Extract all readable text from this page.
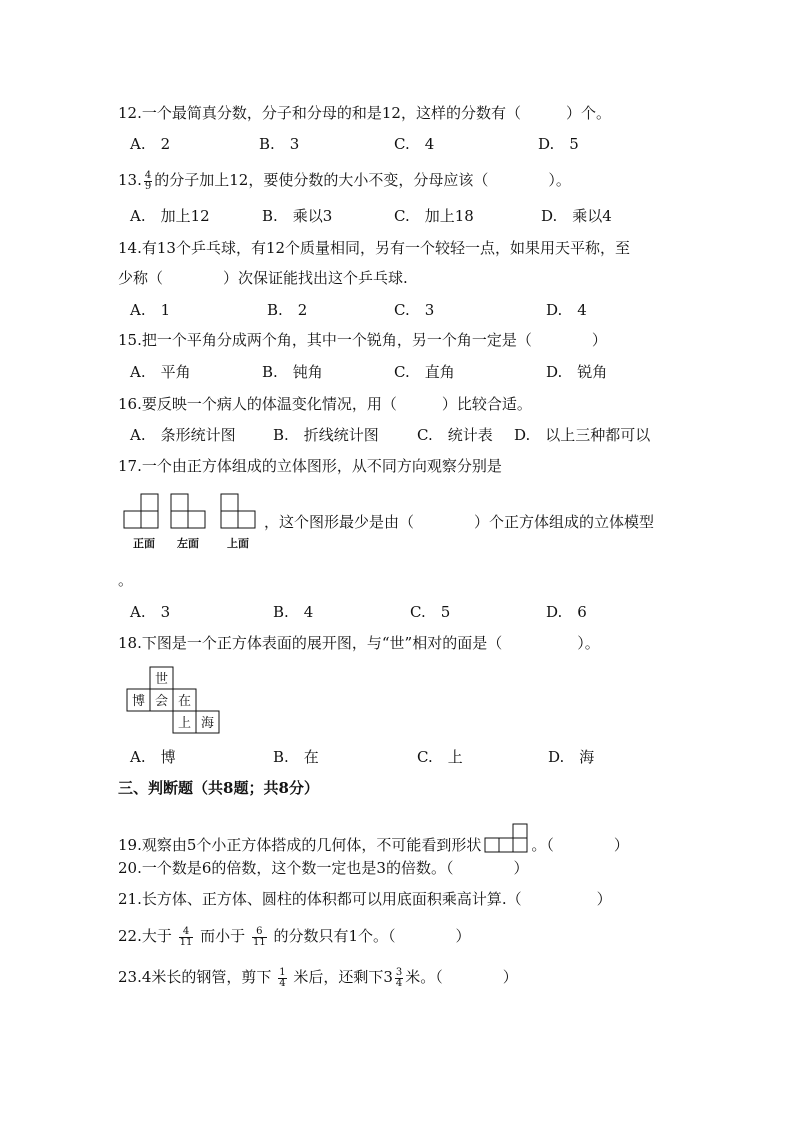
12.一个最简真分数，分子和分母的和是12，这样的分数有（　　　）个。
A.　2	B.　3	C.　4	D.　5
13. $\frac{4}{9}$ 的分子加上12，要使分数的大小不变，分母应该（　　　　）。
A.　加上12	B.　乘以3	C.　加上18	D.　乘以4
14.有13个乒乓球，有12个质量相同，另有一个较轻一点，如果用天平称，至
少称（　　　　）次保证能找出这个乒乓球.
A.　1	B.　2	C.　3	D.　4
15.把一个平角分成两个角，其中一个锐角，另一个角一定是（　　　　）
A.　平角	B.　钝角	C.　直角	D.　锐角
16.要反映一个病人的体温变化情况，用（　　　）比较合适。
A.　条形统计图 B.　折线统计图	C.　统计表 D.　以上三种都可以
17.一个由正方体组成的立体图形，从不同方向观察分别是
正面 左面	上面
，这个图形最少是由（　　　　）个正方体组成的立体模型
。
A.　3	B.　4	C.　5	D.　6
18.下图是一个正方体表面的展开图，与“世”相对的面是（　　　　　）。
世
博 会 在
上 海
A.　博	B.　在	C.　上	D.　海
三、判断题（共8题；共8分）
19.观察由5个小正方体搭成的几何体，不可能看到形状	。（　　　　）
20.一个数是6的倍数，这个数一定也是3的倍数。（　　　　）
21.长方体、正方体、圆柱的体积都可以用底面积乘高计算.（　　　　　）
22.大于 $\frac{4}{11}$ 而小于 $\frac{6}{11}$ 的分数只有1个。（　　　　）
23.4米长的钢管，剪下 $\frac{1}{4}$ 米后，还剩下$3 \frac{3}{4}$ 米。（　　　　）
